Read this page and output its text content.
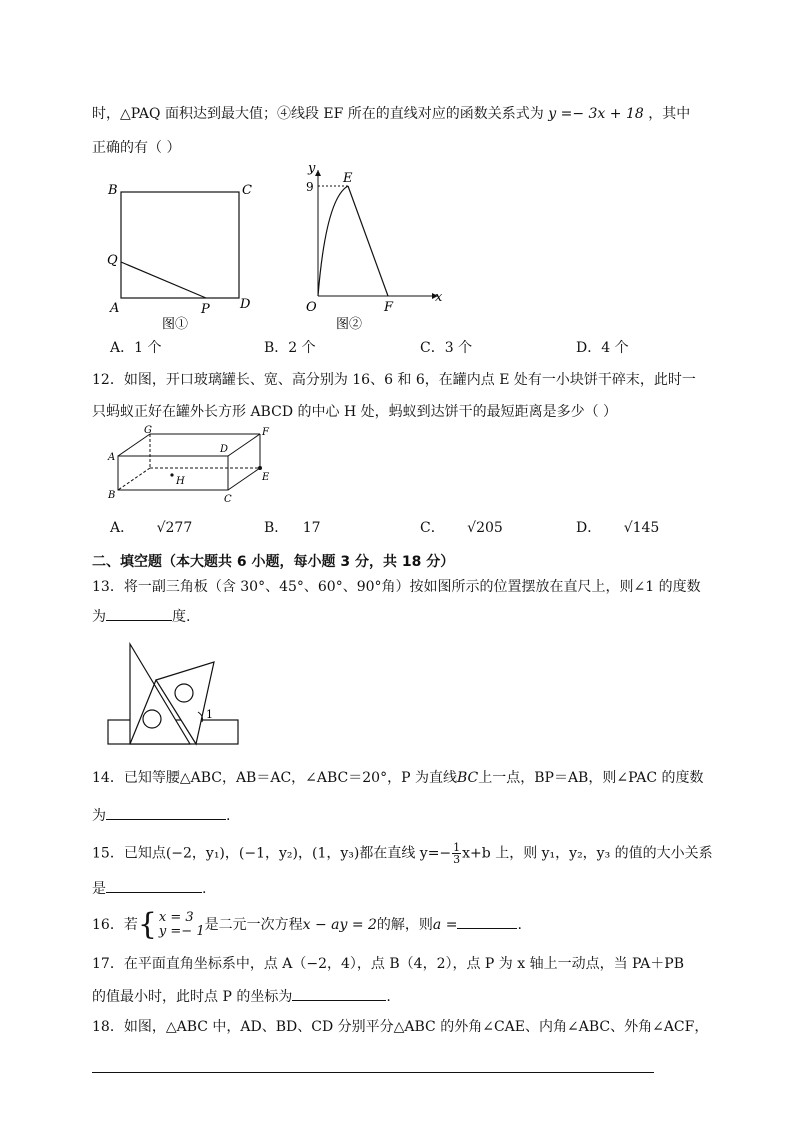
时，△PAQ 面积达到最大值；④线段 EF 所在的直线对应的函数关系式为 y =− 3x + 18 ，其中
正确的有（ ）
B	C
Q
A	P D
图①
y
x
9
E
O	F
图②
A．1 个	B．2 个	C．3 个	D．4 个
12．如图，开口玻璃罐长、宽、高分别为 16、6 和 6，在罐内点 E 处有一小块饼干碎末，此时一
只蚂蚁正好在罐外长方形 ABCD 的中心 H 处，蚂蚁到达饼干的最短距离是多少（ ）
G	F
A
D
E
H
B	C
A． √277	B． 17	C． √205	D． √145
二、填空题（本大题共 6 小题，每小题 3 分，共 18 分）
13．将一副三角板（含 30°、45°、60°、90°角）按如图所示的位置摆放在直尺上，则∠1 的度数
为	度.
1
14．已知等腰△ABC，AB＝AC，∠ABC＝20°，P 为直线BC上一点，BP＝AB，则∠PAC 的度数
为	.
15．已知点(−2，y₁)，(−1，y₂)，(1，y₃)都在直线 $y=- \frac{1}{3} x+b$ 上，则 y₁，y₂，y₃ 的值的大小关系
是	.
16．若{ x = 3
y =− 1 是二元一次方程x − ay = 2的解，则a =	.
17．在平面直角坐标系中，点 A（−2，4），点 B（4，2），点 P 为 x 轴上一动点，当 PA＋PB
的值最小时，此时点 P 的坐标为	.
18．如图，△ABC 中，AD、BD、CD 分别平分△ABC 的外角∠CAE、内角∠ABC、外角∠ACF，
